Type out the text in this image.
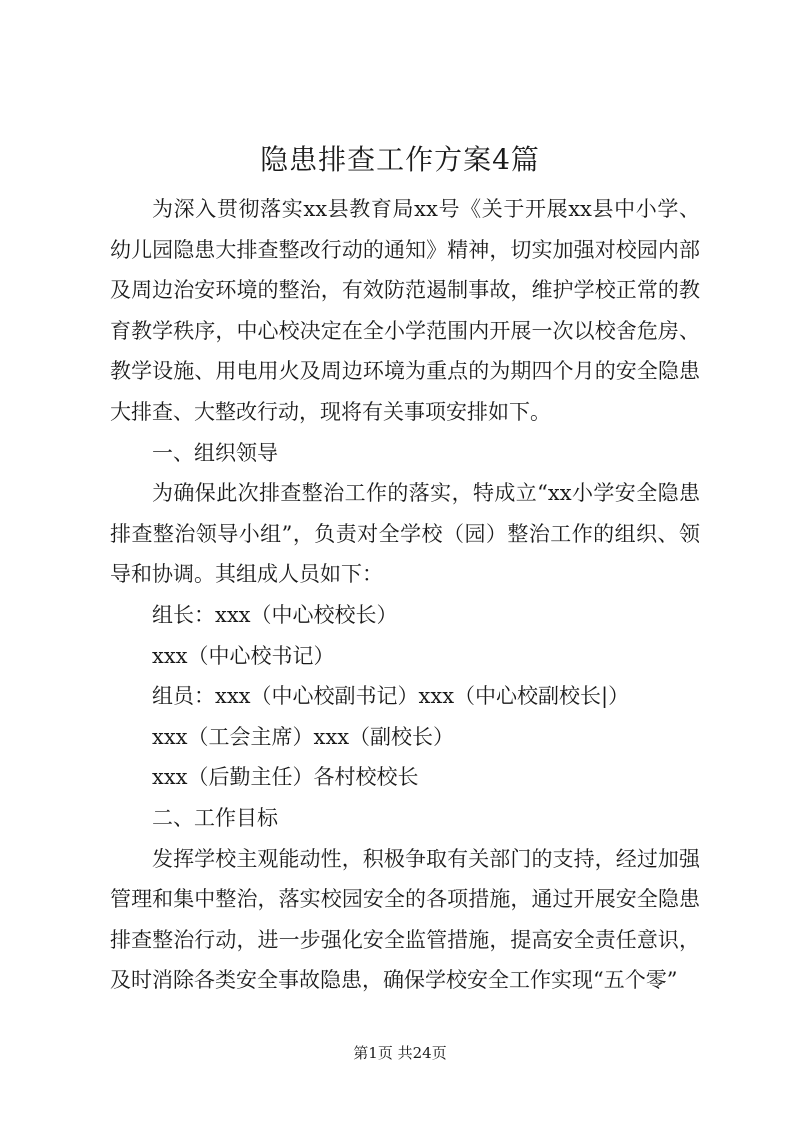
隐患排查工作方案4篇

为深入贯彻落实xx县教育局xx号《关于开展xx县中小学、幼儿园隐患大排查整改行动的通知》精神，切实加强对校园内部及周边治安环境的整治，有效防范遏制事故，维护学校正常的教育教学秩序，中心校决定在全小学范围内开展一次以校舍危房、教学设施、用电用火及周边环境为重点的为期四个月的安全隐患大排查、大整改行动，现将有关事项安排如下。

一、组织领导

为确保此次排查整治工作的落实，特成立“xx小学安全隐患排查整治领导小组”，负责对全学校（园）整治工作的组织、领导和协调。其组成人员如下：

组长：xxx（中心校校长）

xxx（中心校书记）

组员：xxx（中心校副书记）xxx（中心校副校长|）

xxx（工会主席）xxx（副校长）

xxx（后勤主任）各村校校长

二、工作目标

发挥学校主观能动性，积极争取有关部门的支持，经过加强管理和集中整治，落实校园安全的各项措施，通过开展安全隐患排查整治行动，进一步强化安全监管措施，提高安全责任意识，及时消除各类安全事故隐患，确保学校安全工作实现“五个零”

第1页 共24页
